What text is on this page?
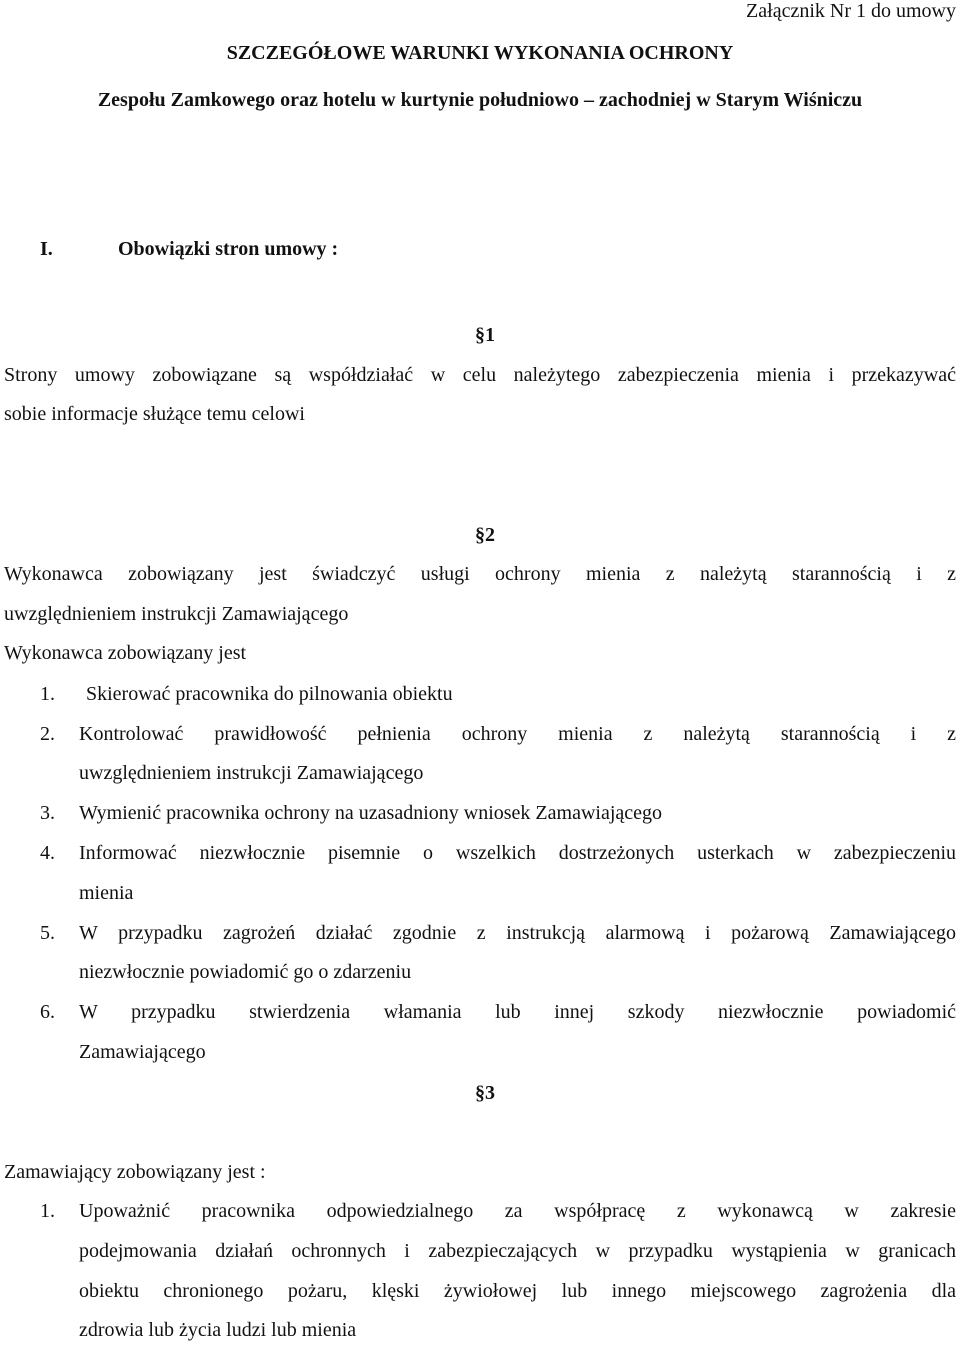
Załącznik Nr 1 do umowy
SZCZEGÓŁOWE WARUNKI WYKONANIA OCHRONY
Zespołu Zamkowego oraz hotelu w kurtynie południowo – zachodniej w Starym Wiśniczu
I.	Obowiązki stron umowy :
§1
Strony umowy zobowiązane są współdziałać w celu należytego zabezpieczenia mienia i przekazywać
sobie informacje służące temu celowi
§2
Wykonawca zobowiązany jest świadczyć usługi ochrony mienia z należytą starannością i z
uwzględnieniem instrukcji Zamawiającego
Wykonawca zobowiązany jest
1. Skierować pracownika do pilnowania obiektu
2. Kontrolować prawidłowość pełnienia ochrony mienia z należytą starannością i z
uwzględnieniem instrukcji Zamawiającego
3. Wymienić pracownika ochrony na uzasadniony wniosek Zamawiającego
4. Informować niezwłocznie pisemnie o wszelkich dostrzeżonych usterkach w zabezpieczeniu
mienia
5. W przypadku zagrożeń działać zgodnie z instrukcją alarmową i pożarową Zamawiającego
niezwłocznie powiadomić go o zdarzeniu
6. W przypadku stwierdzenia włamania lub innej szkody niezwłocznie powiadomić
Zamawiającego
§3
Zamawiający zobowiązany jest :
1. Upoważnić pracownika odpowiedzialnego za współpracę z wykonawcą w zakresie
podejmowania działań ochronnych i zabezpieczających w przypadku wystąpienia w granicach
obiektu chronionego pożaru, klęski żywiołowej lub innego miejscowego zagrożenia dla
zdrowia lub życia ludzi lub mienia
